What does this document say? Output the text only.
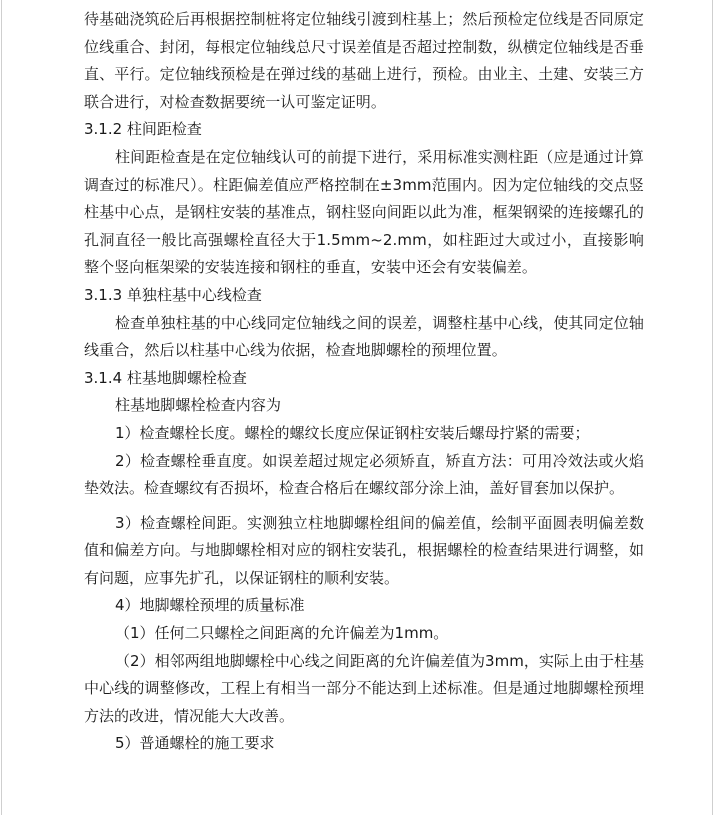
待基础浇筑砼后再根据控制桩将定位轴线引渡到柱基上；然后预检定位线是否同原定位线重合、封闭，每根定位轴线总尺寸误差值是否超过控制数，纵横定位轴线是否垂直、平行。定位轴线预检是在弹过线的基础上进行，预检。由业主、土建、安装三方联合进行，对检查数据要统一认可鉴定证明。

3.1.2 柱间距检查

柱间距检查是在定位轴线认可的前提下进行，采用标准实测柱距（应是通过计算调查过的标准尺）。柱距偏差值应严格控制在±3mm范围内。因为定位轴线的交点竖柱基中心点，是钢柱安装的基准点，钢柱竖向间距以此为准，框架钢梁的连接螺孔的孔洞直径一般比高强螺栓直径大于1.5mm~2.mm，如柱距过大或过小，直接影响整个竖向框架梁的安装连接和钢柱的垂直，安装中还会有安装偏差。

3.1.3 单独柱基中心线检查

检查单独柱基的中心线同定位轴线之间的误差，调整柱基中心线，使其同定位轴线重合，然后以柱基中心线为依据，检查地脚螺栓的预埋位置。

3.1.4 柱基地脚螺栓检查

柱基地脚螺栓检查内容为

1）检查螺栓长度。螺栓的螺纹长度应保证钢柱安装后螺母拧紧的需要；

2）检查螺栓垂直度。如误差超过规定必须矫直，矫直方法：可用冷效法或火焰垫效法。检查螺纹有否损坏，检查合格后在螺纹部分涂上油，盖好冒套加以保护。

3）检查螺栓间距。实测独立柱地脚螺栓组间的偏差值，绘制平面圆表明偏差数值和偏差方向。与地脚螺栓相对应的钢柱安装孔，根据螺栓的检查结果进行调整，如有问题，应事先扩孔，以保证钢柱的顺利安装。

4）地脚螺栓预埋的质量标准

（1）任何二只螺栓之间距离的允许偏差为1mm。

（2）相邻两组地脚螺栓中心线之间距离的允许偏差值为3mm，实际上由于柱基中心线的调整修改，工程上有相当一部分不能达到上述标准。但是通过地脚螺栓预埋方法的改进，情况能大大改善。

5）普通螺栓的施工要求
